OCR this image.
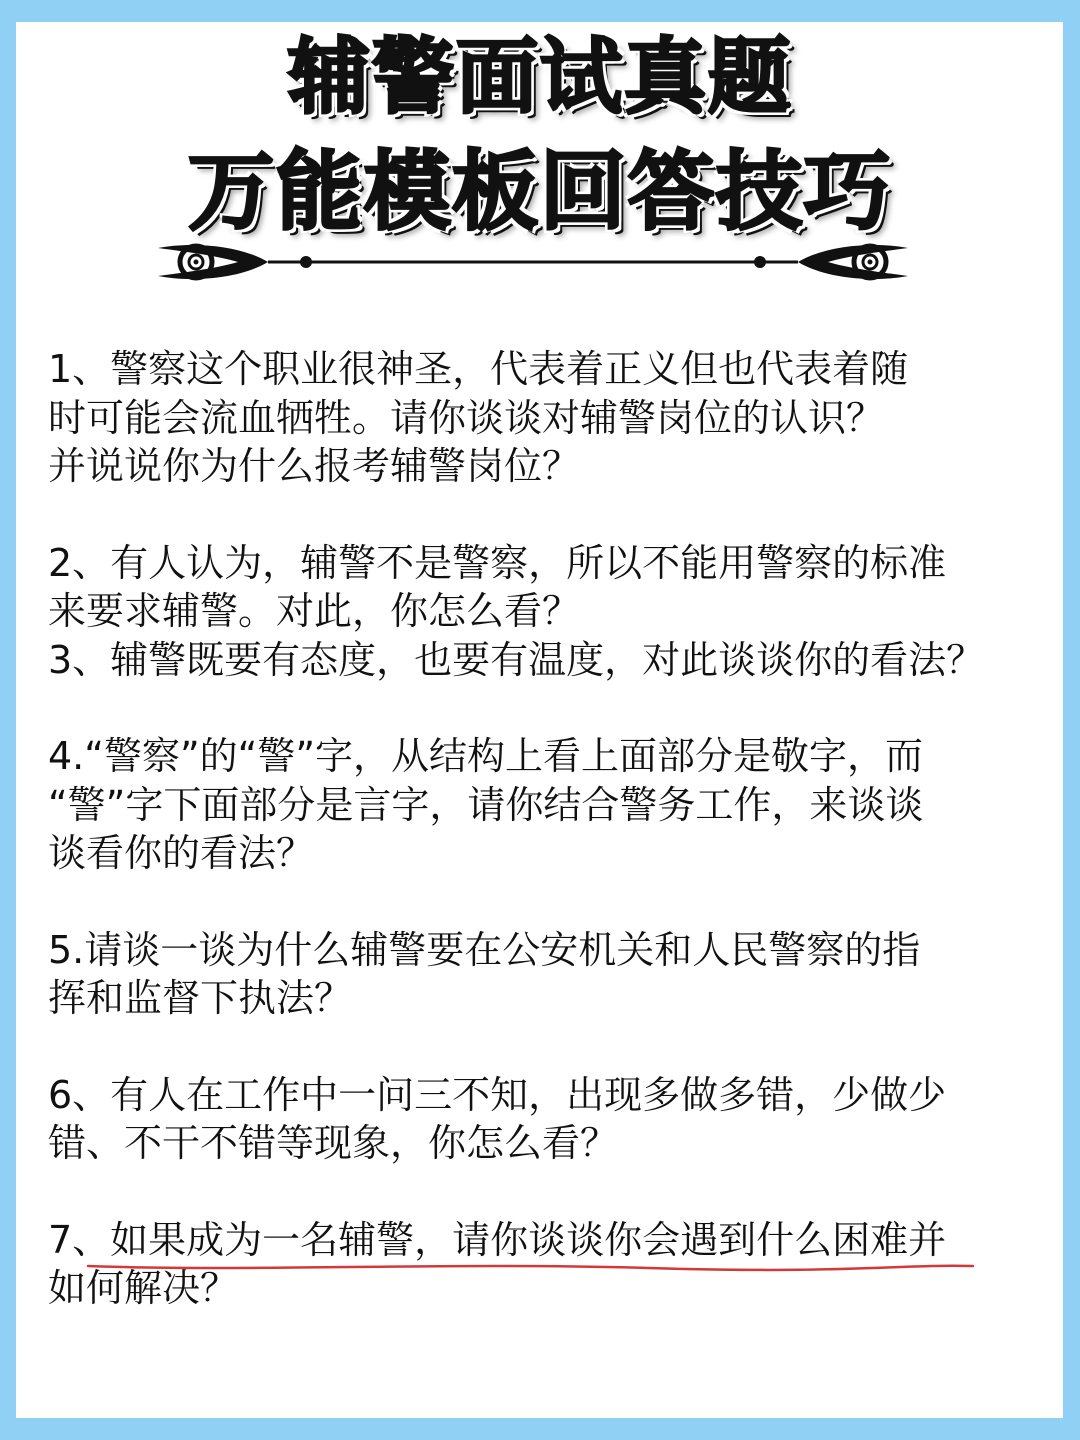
辅警面试真题
万能模板回答技巧

1、警察这个职业很神圣，代表着正义但也代表着随
时可能会流血牺牲。请你谈谈对辅警岗位的认识？
并说说你为什么报考辅警岗位？

2、有人认为，辅警不是警察，所以不能用警察的标准
来要求辅警。对此，你怎么看？

3、辅警既要有态度，也要有温度，对此谈谈你的看法？

4.“警察”的“警”字，从结构上看上面部分是敬字，而
“警”字下面部分是言字，请你结合警务工作，来谈谈
谈看你的看法？

5.请谈一谈为什么辅警要在公安机关和人民警察的指
挥和监督下执法？

6、有人在工作中一问三不知，出现多做多错，少做少
错、不干不错等现象，你怎么看？

7、如果成为一名辅警，请你谈谈你会遇到什么困难并
如何解决？
